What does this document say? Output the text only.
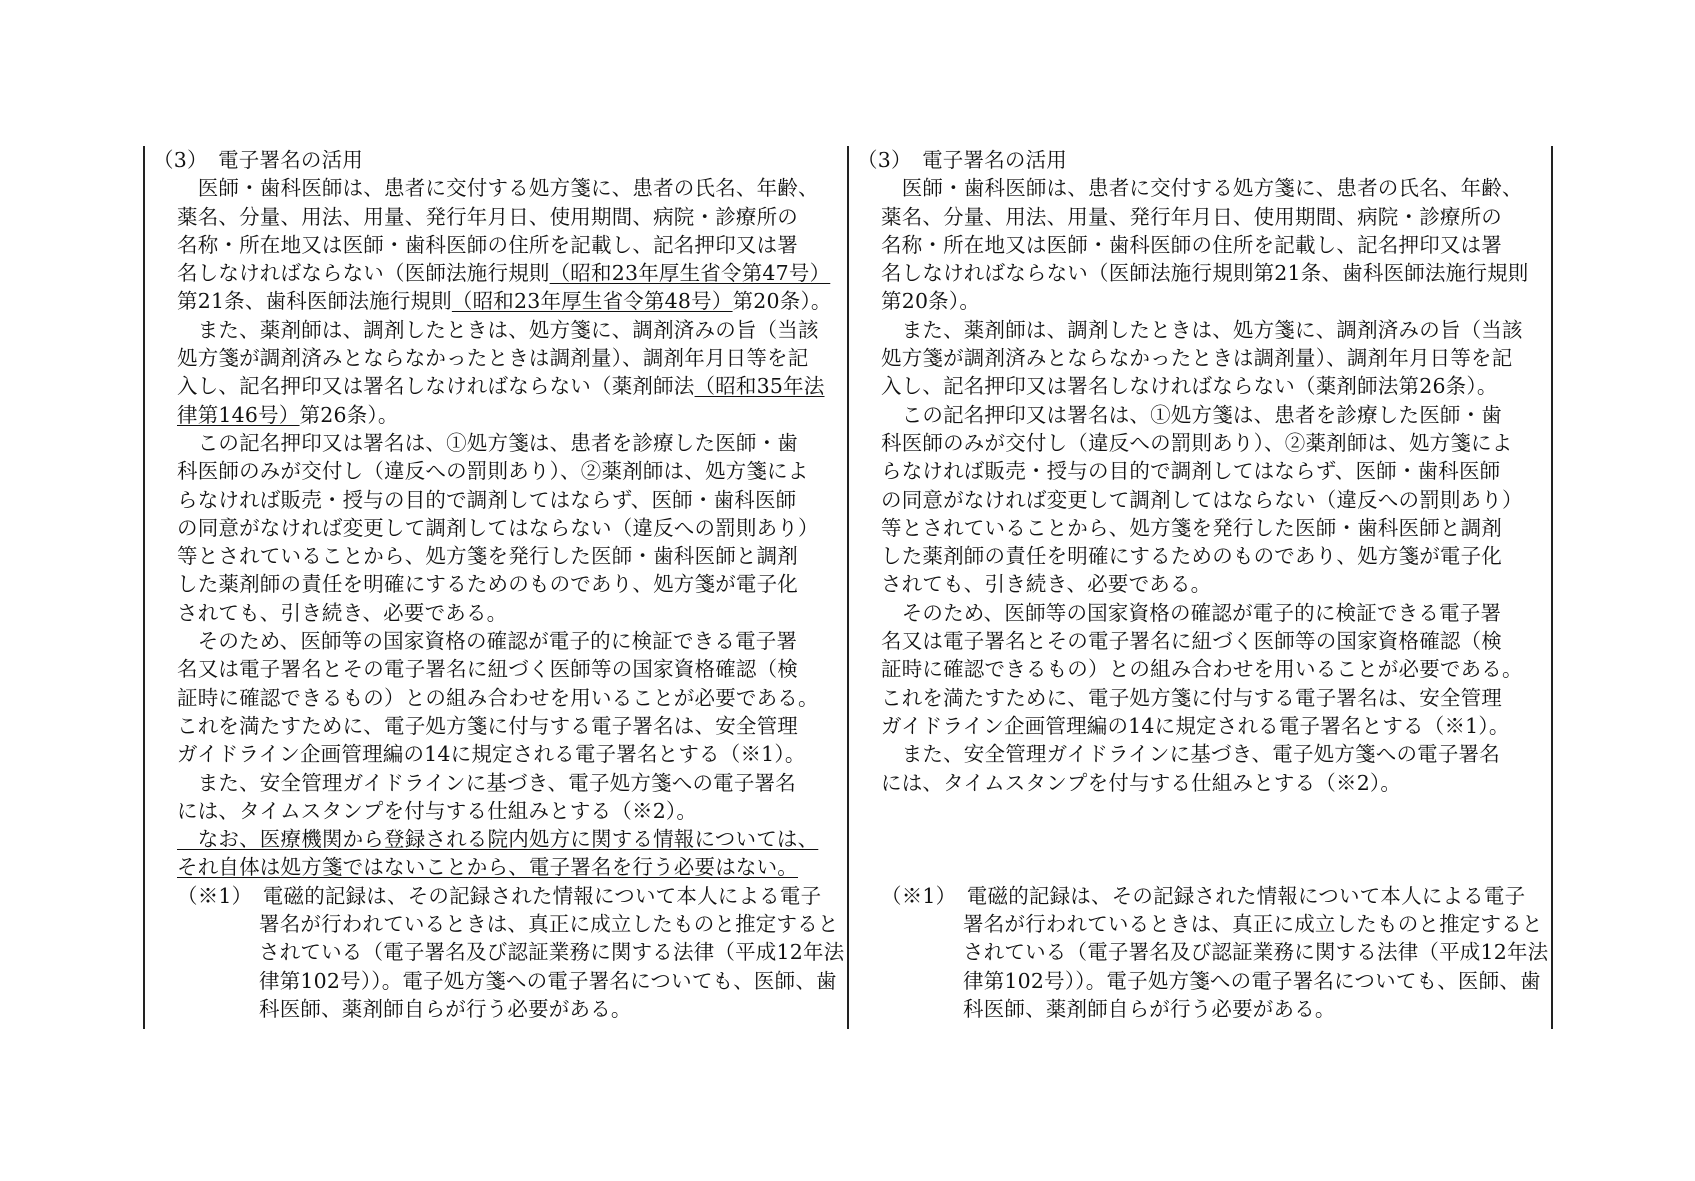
（3）　電子署名の活用
　医師・歯科医師は、患者に交付する処方箋に、患者の氏名、年齢、
薬名、分量、用法、用量、発行年月日、使用期間、病院・診療所の
名称・所在地又は医師・歯科医師の住所を記載し、記名押印又は署
名しなければならない（医師法施行規則（昭和23年厚生省令第47号）
第21条、歯科医師法施行規則（昭和23年厚生省令第48号）第20条）。
　また、薬剤師は、調剤したときは、処方箋に、調剤済みの旨（当該
処方箋が調剤済みとならなかったときは調剤量）、調剤年月日等を記
入し、記名押印又は署名しなければならない（薬剤師法（昭和35年法
律第146号）第26条）。
　この記名押印又は署名は、①処方箋は、患者を診療した医師・歯
科医師のみが交付し（違反への罰則あり）、②薬剤師は、処方箋によ
らなければ販売・授与の目的で調剤してはならず、医師・歯科医師
の同意がなければ変更して調剤してはならない（違反への罰則あり）
等とされていることから、処方箋を発行した医師・歯科医師と調剤
した薬剤師の責任を明確にするためのものであり、処方箋が電子化
されても、引き続き、必要である。
　そのため、医師等の国家資格の確認が電子的に検証できる電子署
名又は電子署名とその電子署名に紐づく医師等の国家資格確認（検
証時に確認できるもの）との組み合わせを用いることが必要である。
これを満たすために、電子処方箋に付与する電子署名は、安全管理
ガイドライン企画管理編の14に規定される電子署名とする（※1）。
　また、安全管理ガイドラインに基づき、電子処方箋への電子署名
には、タイムスタンプを付与する仕組みとする（※2）。
　なお、医療機関から登録される院内処方に関する情報については、
それ自体は処方箋ではないことから、電子署名を行う必要はない。
（※1）　電磁的記録は、その記録された情報について本人による電子
署名が行われているときは、真正に成立したものと推定すると
されている（電子署名及び認証業務に関する法律（平成12年法
律第102号））。電子処方箋への電子署名についても、医師、歯
科医師、薬剤師自らが行う必要がある。
（3）　電子署名の活用
　医師・歯科医師は、患者に交付する処方箋に、患者の氏名、年齢、
薬名、分量、用法、用量、発行年月日、使用期間、病院・診療所の
名称・所在地又は医師・歯科医師の住所を記載し、記名押印又は署
名しなければならない（医師法施行規則第21条、歯科医師法施行規則
第20条）。
　また、薬剤師は、調剤したときは、処方箋に、調剤済みの旨（当該
処方箋が調剤済みとならなかったときは調剤量）、調剤年月日等を記
入し、記名押印又は署名しなければならない（薬剤師法第26条）。
　この記名押印又は署名は、①処方箋は、患者を診療した医師・歯
科医師のみが交付し（違反への罰則あり）、②薬剤師は、処方箋によ
らなければ販売・授与の目的で調剤してはならず、医師・歯科医師
の同意がなければ変更して調剤してはならない（違反への罰則あり）
等とされていることから、処方箋を発行した医師・歯科医師と調剤
した薬剤師の責任を明確にするためのものであり、処方箋が電子化
されても、引き続き、必要である。
　そのため、医師等の国家資格の確認が電子的に検証できる電子署
名又は電子署名とその電子署名に紐づく医師等の国家資格確認（検
証時に確認できるもの）との組み合わせを用いることが必要である。
これを満たすために、電子処方箋に付与する電子署名は、安全管理
ガイドライン企画管理編の14に規定される電子署名とする（※1）。
　また、安全管理ガイドラインに基づき、電子処方箋への電子署名
には、タイムスタンプを付与する仕組みとする（※2）。
（※1）　電磁的記録は、その記録された情報について本人による電子
署名が行われているときは、真正に成立したものと推定すると
されている（電子署名及び認証業務に関する法律（平成12年法
律第102号））。電子処方箋への電子署名についても、医師、歯
科医師、薬剤師自らが行う必要がある。
